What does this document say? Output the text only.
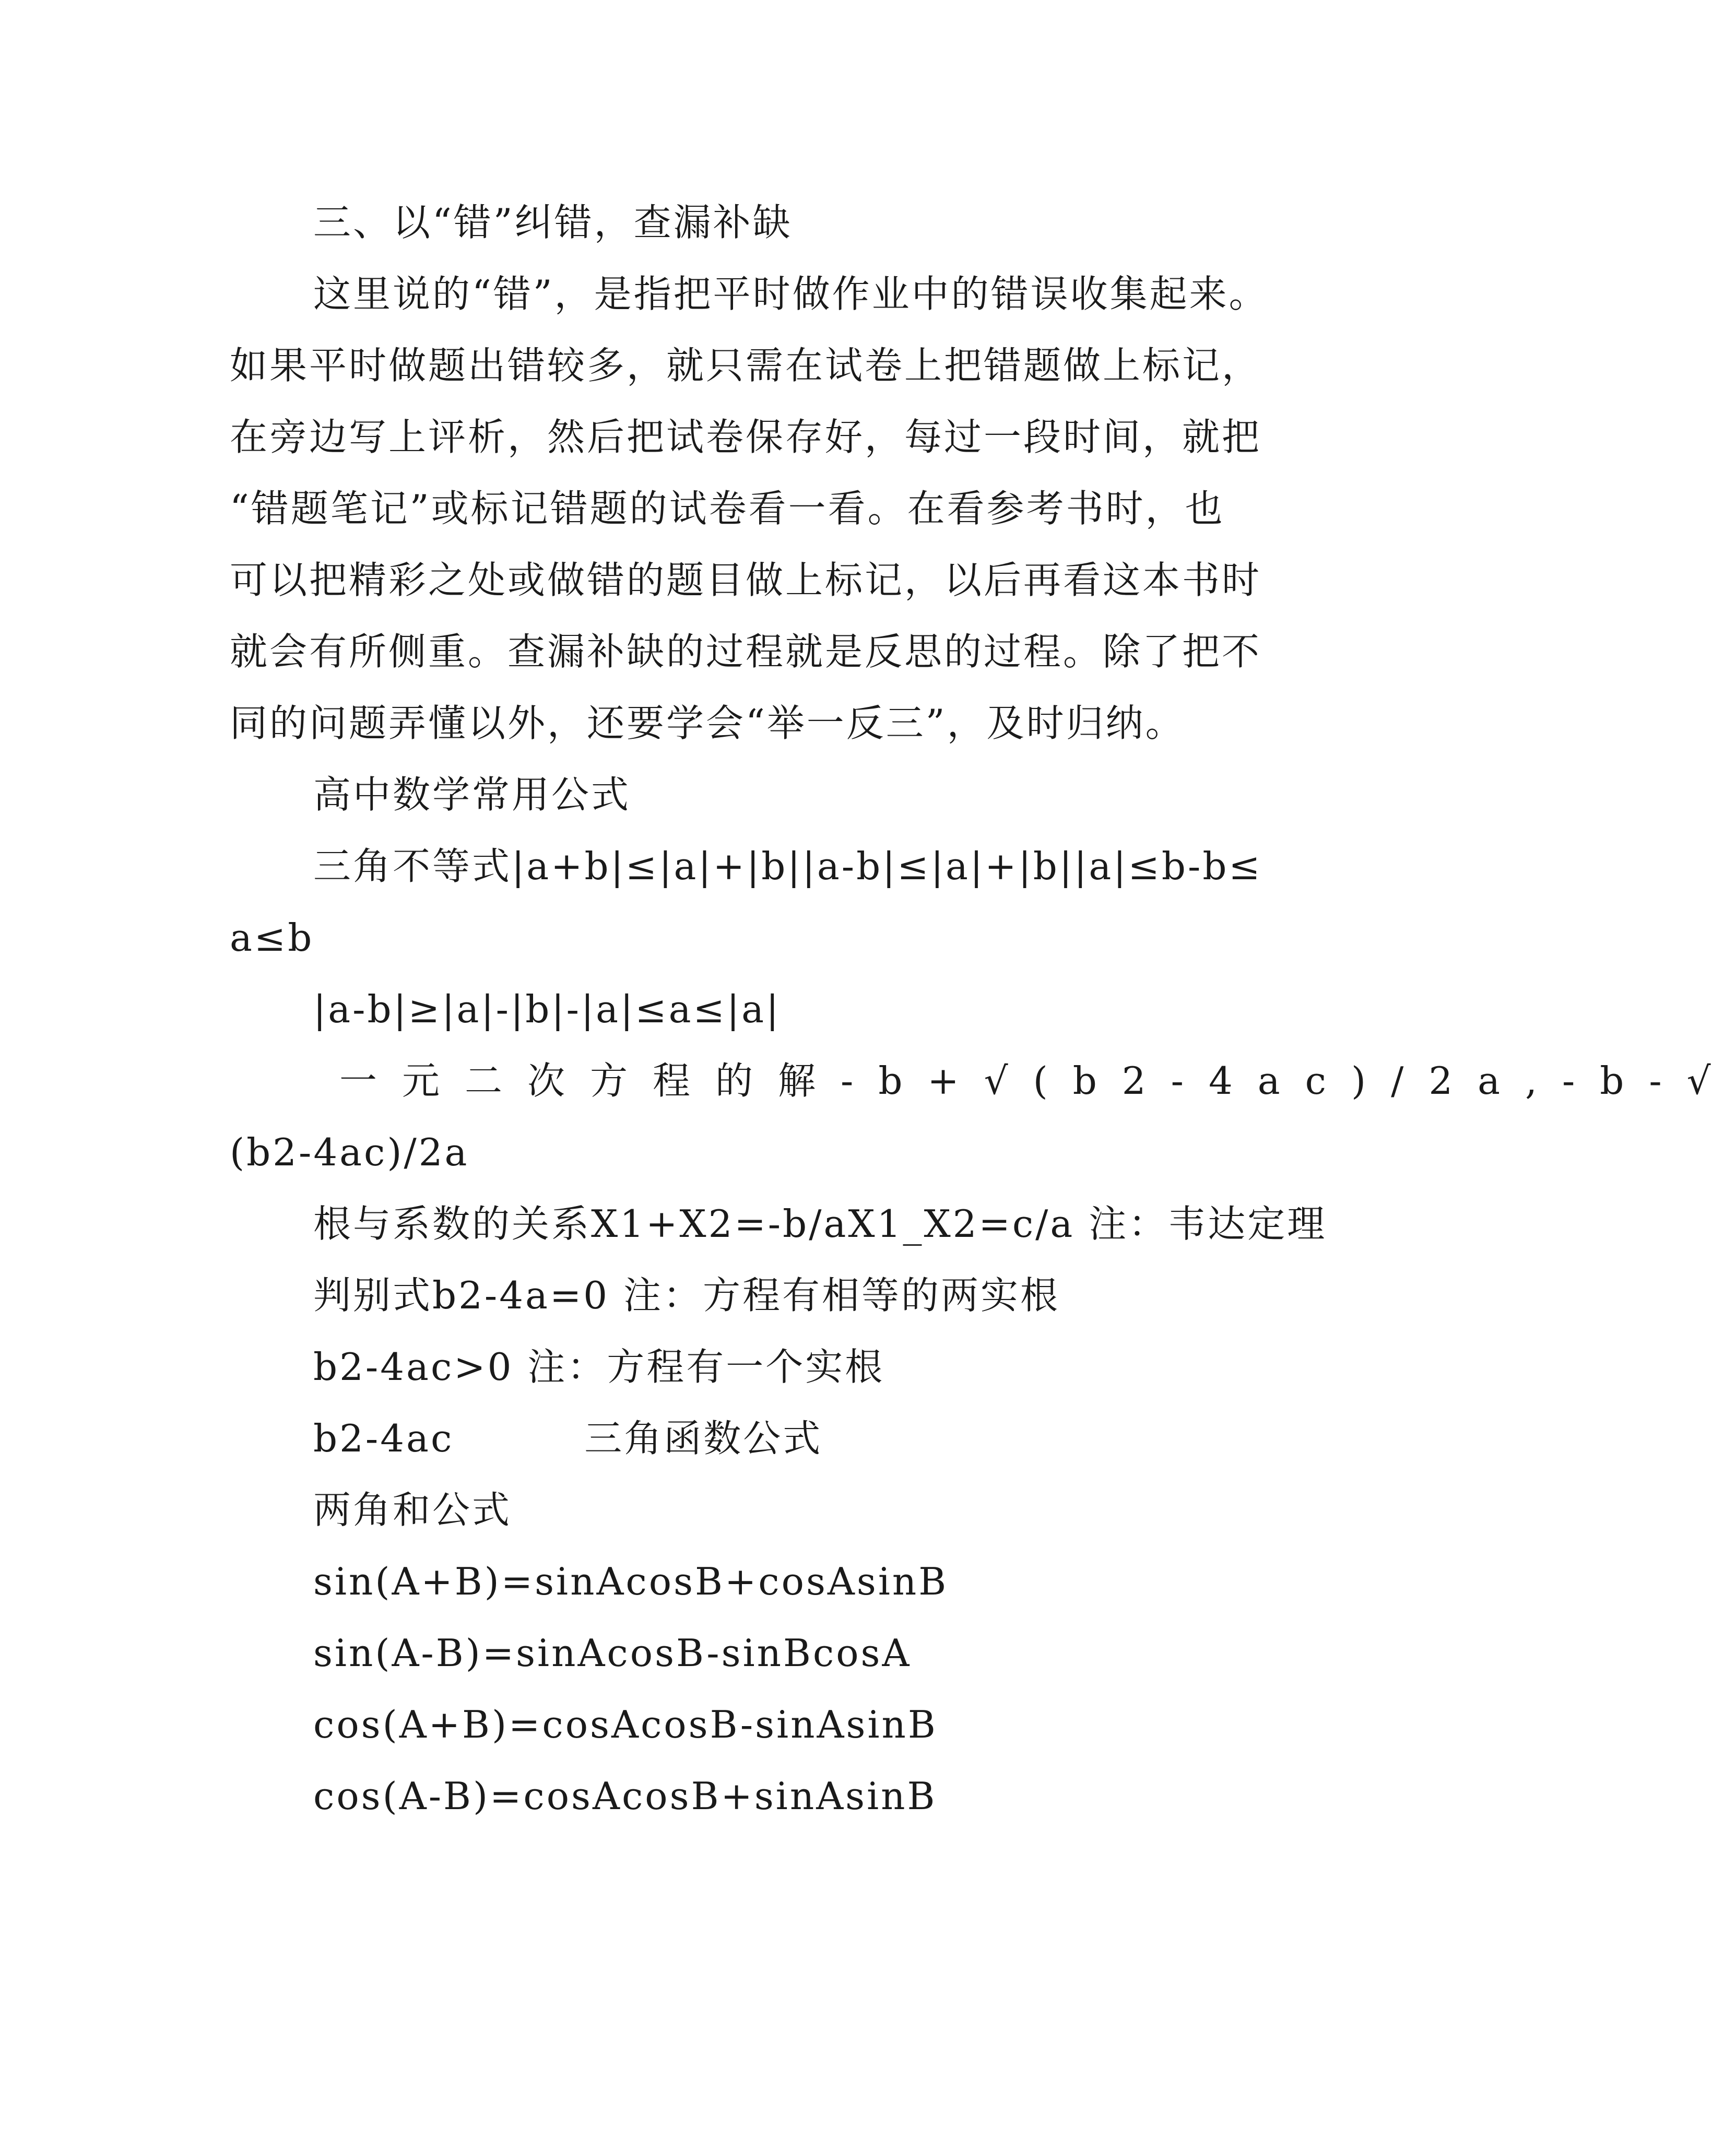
三、以“错”纠错，查漏补缺
这里说的“错”，是指把平时做作业中的错误收集起来。
如果平时做题出错较多，就只需在试卷上把错题做上标记，
在旁边写上评析，然后把试卷保存好，每过一段时间，就把
“错题笔记”或标记错题的试卷看一看。在看参考书时，也
可以把精彩之处或做错的题目做上标记，以后再看这本书时
就会有所侧重。查漏补缺的过程就是反思的过程。除了把不
同的问题弄懂以外，还要学会“举一反三”，及时归纳。
高中数学常用公式
三角不等式|a+b|≤|a|+|b||a-b|≤|a|+|b||a|≤b-b≤
a≤b
|a-b|≥|a|-|b|-|a|≤a≤|a|
一元二次方程的解-b+√(b2-4ac)/2a,-b-√
(b2-4ac)/2a
根与系数的关系X1+X2=-b/aX1_X2=c/a 注：韦达定理
判别式b2-4a=0 注：方程有相等的两实根
b2-4ac>0 注：方程有一个实根
b2-4ac	三角函数公式
两角和公式
sin(A+B)=sinAcosB+cosAsinB
sin(A-B)=sinAcosB-sinBcosA
cos(A+B)=cosAcosB-sinAsinB
cos(A-B)=cosAcosB+sinAsinB
